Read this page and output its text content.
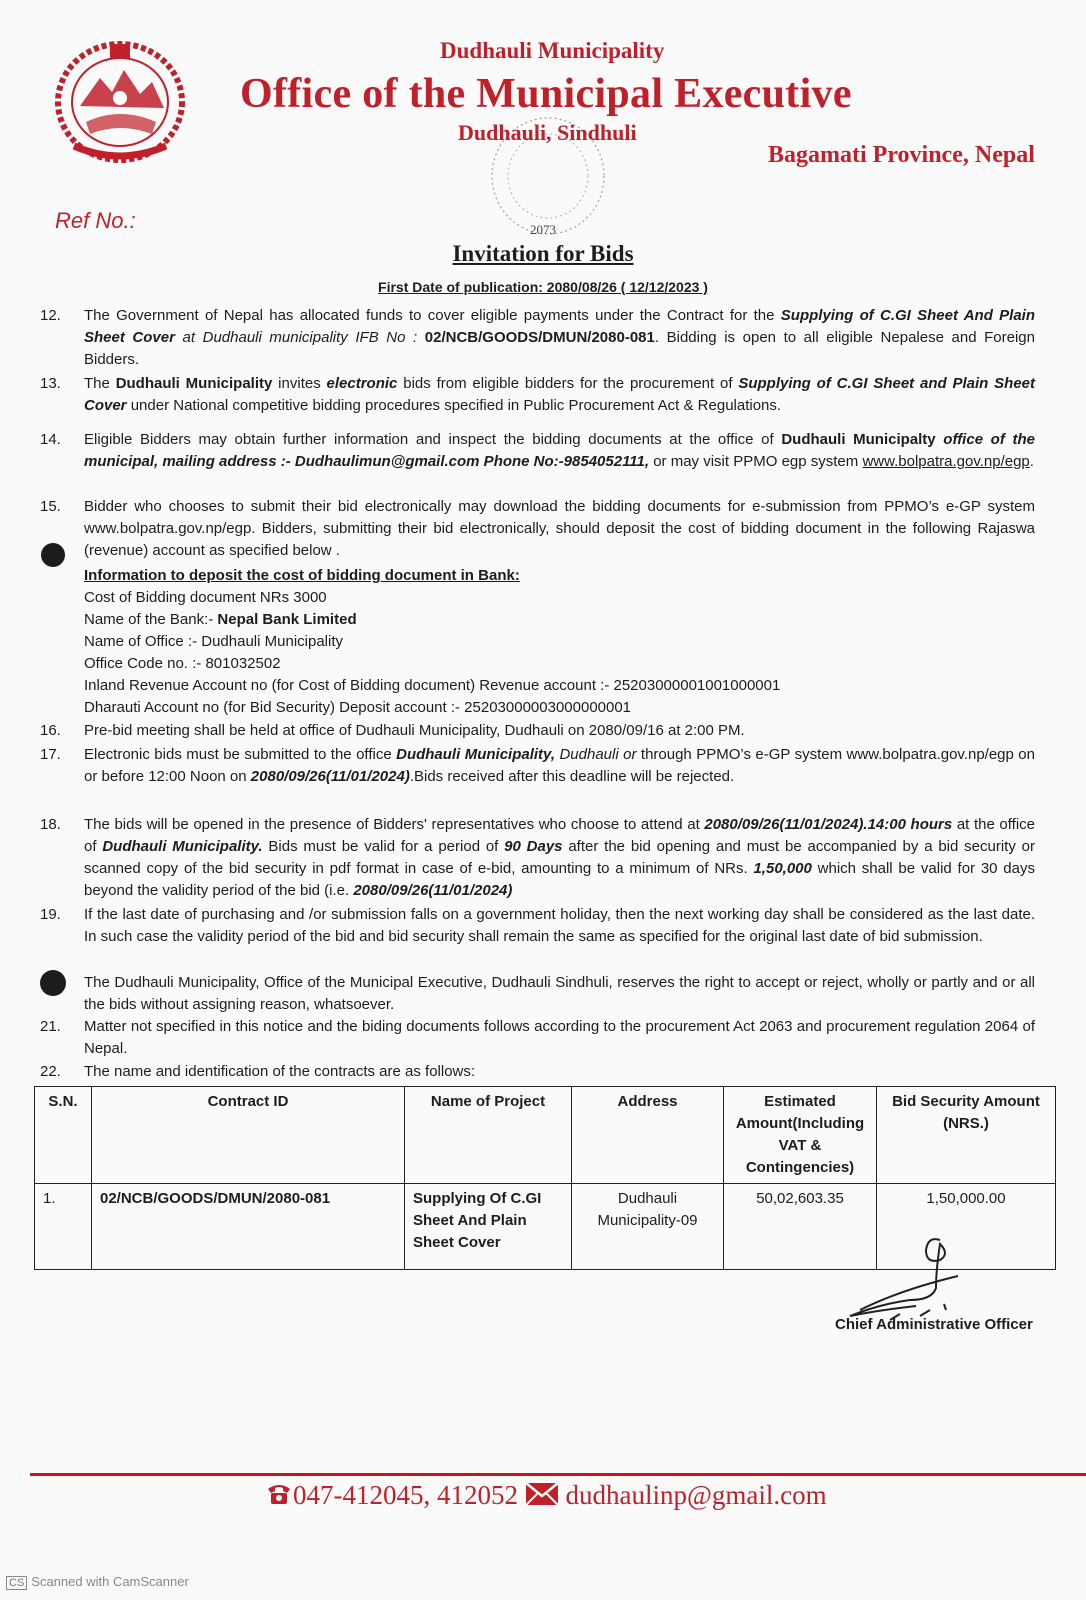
Dudhauli Municipality
Office of the Municipal Executive
Dudhauli, Sindhuli
Bagamati Province, Nepal
Ref No.:	2073
Invitation for Bids
First Date of publication: 2080/08/26 ( 12/12/2023 )
12.	The Government of Nepal has allocated funds to cover eligible payments under the Contract for the Supplying of C.GI Sheet And Plain Sheet Cover at Dudhauli municipality IFB No : 02/NCB/GOODS/DMUN/2080-081. Bidding is open to all eligible Nepalese and Foreign Bidders.
13.	The Dudhauli Municipality invites electronic bids from eligible bidders for the procurement of Supplying of C.GI Sheet and Plain Sheet Cover under National competitive bidding procedures specified in Public Procurement Act & Regulations.
14.	Eligible Bidders may obtain further information and inspect the bidding documents at the office of Dudhauli Municipalty office of the municipal, mailing address :- Dudhaulimun@gmail.com Phone No:-9854052111, or may visit PPMO egp system www.bolpatra.gov.np/egp.
15.	Bidder who chooses to submit their bid electronically may download the bidding documents for e-submission from PPMO’s e-GP system www.bolpatra.gov.np/egp. Bidders, submitting their bid electronically, should deposit the cost of bidding document in the following Rajaswa (revenue) account as specified below .
Information to deposit the cost of bidding document in Bank:
Cost of Bidding document NRs 3000
Name of the Bank:- Nepal Bank Limited
Name of Office :- Dudhauli Municipality
Office Code no. :- 801032502
Inland Revenue Account no (for Cost of Bidding document) Revenue account :- 25203000001001000001
Dharauti Account no (for Bid Security) Deposit account :- 25203000003000000001
16.	Pre-bid meeting shall be held at office of Dudhauli Municipality, Dudhauli on 2080/09/16 at 2:00 PM.
17.	Electronic bids must be submitted to the office Dudhauli Municipality, Dudhauli or through PPMO’s e-GP system www.bolpatra.gov.np/egp on or before 12:00 Noon on 2080/09/26(11/01/2024).Bids received after this deadline will be rejected.
18.	The bids will be opened in the presence of Bidders' representatives who choose to attend at 2080/09/26(11/01/2024).14:00 hours at the office of Dudhauli Municipality. Bids must be valid for a period of 90 Days after the bid opening and must be accompanied by a bid security or scanned copy of the bid security in pdf format in case of e-bid, amounting to a minimum of NRs. 1,50,000 which shall be valid for 30 days beyond the validity period of the bid (i.e. 2080/09/26(11/01/2024)
19.	If the last date of purchasing and /or submission falls on a government holiday, then the next working day shall be considered as the last date. In such case the validity period of the bid and bid security shall remain the same as specified for the original last date of bid submission.
The Dudhauli Municipality, Office of the Municipal Executive, Dudhauli Sindhuli, reserves the right to accept or reject, wholly or partly and or all the bids without assigning reason, whatsoever.
21.	Matter not specified in this notice and the biding documents follows according to the procurement Act 2063 and procurement regulation 2064 of Nepal.
22.	The name and identification of the contracts are as follows:
S.N.	Contract ID	Name of Project	Address	Estimated Amount(Including VAT & Contingencies)	Bid Security Amount (NRS.)
1.	02/NCB/GOODS/DMUN/2080-081	Supplying Of C.GI Sheet And Plain Sheet Cover	Dudhauli Municipality-09	50,02,603.35	1,50,000.00
Chief Administrative Officer
047-412045, 412052 dudhaulinp@gmail.com
CS Scanned with CamScanner
